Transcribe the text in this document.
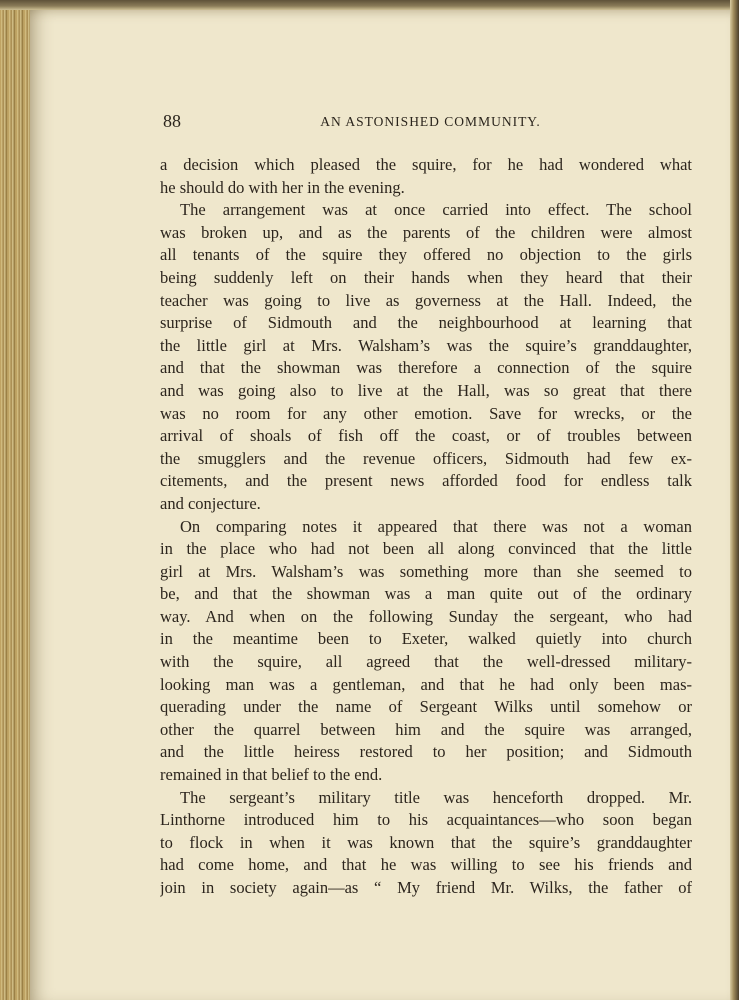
88	AN ASTONISHED COMMUNITY.
a decision which pleased the squire, for he had wondered what
he should do with her in the evening.
The arrangement was at once carried into effect. The school
was broken up, and as the parents of the children were almost
all tenants of the squire they offered no objection to the girls
being suddenly left on their hands when they heard that their
teacher was going to live as governess at the Hall. Indeed, the
surprise of Sidmouth and the neighbourhood at learning that
the little girl at Mrs. Walsham’s was the squire’s granddaughter,
and that the showman was therefore a connection of the squire
and was going also to live at the Hall, was so great that there
was no room for any other emotion. Save for wrecks, or the
arrival of shoals of fish off the coast, or of troubles between
the smugglers and the revenue officers, Sidmouth had few ex-
citements, and the present news afforded food for endless talk
and conjecture.
On comparing notes it appeared that there was not a woman
in the place who had not been all along convinced that the little
girl at Mrs. Walsham’s was something more than she seemed to
be, and that the showman was a man quite out of the ordinary
way. And when on the following Sunday the sergeant, who had
in the meantime been to Exeter, walked quietly into church
with the squire, all agreed that the well-dressed military-
looking man was a gentleman, and that he had only been mas-
querading under the name of Sergeant Wilks until somehow or
other the quarrel between him and the squire was arranged,
and the little heiress restored to her position; and Sidmouth
remained in that belief to the end.
The sergeant’s military title was henceforth dropped. Mr.
Linthorne introduced him to his acquaintances—who soon began
to flock in when it was known that the squire’s granddaughter
had come home, and that he was willing to see his friends and
join in society again—as “ My friend Mr. Wilks, the father of
